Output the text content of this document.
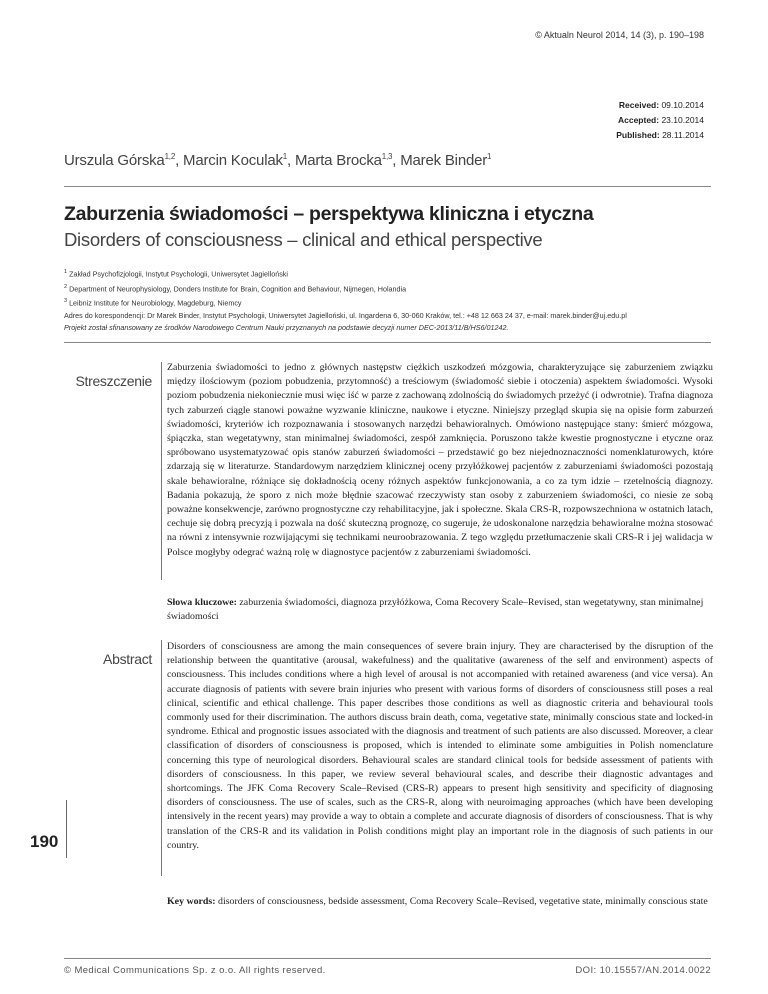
© Aktualn Neurol 2014, 14 (3), p. 190–198
Received: 09.10.2014
Accepted: 23.10.2014
Published: 28.11.2014
Urszula Górska$^{1,2}$, Marcin Koculak$^1$, Marta Brocka$^{1,3}$, Marek Binder$^1$
Zaburzenia świadomości – perspektywa kliniczna i etyczna
Disorders of consciousness – clinical and ethical perspective
$^1$ Zakład Psychofizjologii, Instytut Psychologii, Uniwersytet Jagielloński
$^2$ Department of Neurophysiology, Donders Institute for Brain, Cognition and Behaviour, Nijmegen, Holandia
$^3$ Leibniz Institute for Neurobiology, Magdeburg, Niemcy
Adres do korespondencji: Dr Marek Binder, Instytut Psychologii, Uniwersytet Jagielloński, ul. Ingardena 6, 30-060 Kraków, tel.: +48 12 663 24 37, e-mail: marek.binder@uj.edu.pl
Projekt został sfinansowany ze środków Narodowego Centrum Nauki przyznanych na podstawie decyzji numer DEC-2013/11/B/HS6/01242.
Streszczenie
Zaburzenia świadomości to jedno z głównych następstw ciężkich uszkodzeń mózgowia, charakteryzujące się zaburzeniem związku między ilościowym (poziom pobudzenia, przytomność) a treściowym (świadomość siebie i otoczenia) aspektem świadomości. Wysoki poziom pobudzenia niekoniecznie musi więc iść w parze z zachowaną zdolnością do świadomych przeżyć (i odwrotnie). Trafna diagnoza tych zaburzeń ciągle stanowi poważne wyzwanie kliniczne, naukowe i etyczne. Niniejszy przegląd skupia się na opisie form zaburzeń świadomości, kryteriów ich rozpoznawania i stosowanych narzędzi behawioralnych. Omówiono następujące stany: śmierć mózgowa, śpiączka, stan wegetatywny, stan minimalnej świadomości, zespół zamknięcia. Poruszono także kwestie prognostyczne i etyczne oraz spróbowano usystematyzować opis stanów zaburzeń świadomości – przedstawić go bez niejednoznaczności nomenklaturowych, które zdarzają się w literaturze. Standardowym narzędziem klinicznej oceny przyłóżkowej pacjentów z zaburzeniami świadomości pozostają skale behawioralne, różniące się dokładnością oceny różnych aspektów funkcjonowania, a co za tym idzie – rzetelnością diagnozy. Badania pokazują, że sporo z nich może błędnie szacować rzeczywisty stan osoby z zaburzeniem świadomości, co niesie ze sobą poważne konsekwencje, zarówno prognostyczne czy rehabilitacyjne, jak i społeczne. Skala CRS-R, rozpowszechniona w ostatnich latach, cechuje się dobrą precyzją i pozwala na dość skuteczną prognozę, co sugeruje, że udoskonalone narzędzia behawioralne można stosować na równi z intensywnie rozwijającymi się technikami neuroobrazowania. Z tego względu przetłumaczenie skali CRS-R i jej walidacja w Polsce mogłyby odegrać ważną rolę w diagnostyce pacjentów z zaburzeniami świadomości.
Słowa kluczowe: zaburzenia świadomości, diagnoza przyłóżkowa, Coma Recovery Scale–Revised, stan wegetatywny, stan minimalnej świadomości
Abstract
Disorders of consciousness are among the main consequences of severe brain injury. They are characterised by the disruption of the relationship between the quantitative (arousal, wakefulness) and the qualitative (awareness of the self and environment) aspects of consciousness. This includes conditions where a high level of arousal is not accompanied with retained awareness (and vice versa). An accurate diagnosis of patients with severe brain injuries who present with various forms of disorders of consciousness still poses a real clinical, scientific and ethical challenge. This paper describes those conditions as well as diagnostic criteria and behavioural tools commonly used for their discrimination. The authors discuss brain death, coma, vegetative state, minimally conscious state and locked-in syndrome. Ethical and prognostic issues associated with the diagnosis and treatment of such patients are also discussed. Moreover, a clear classification of disorders of consciousness is proposed, which is intended to eliminate some ambiguities in Polish nomenclature concerning this type of neurological disorders. Behavioural scales are standard clinical tools for bedside assessment of patients with disorders of consciousness. In this paper, we review several behavioural scales, and describe their diagnostic advantages and shortcomings. The JFK Coma Recovery Scale–Revised (CRS-R) appears to present high sensitivity and specificity of diagnosing disorders of consciousness. The use of scales, such as the CRS-R, along with neuroimaging approaches (which have been developing intensively in the recent years) may provide a way to obtain a complete and accurate diagnosis of disorders of consciousness. That is why translation of the CRS-R and its validation in Polish conditions might play an important role in the diagnosis of such patients in our country.
Key words: disorders of consciousness, bedside assessment, Coma Recovery Scale–Revised, vegetative state, minimally conscious state
190
© Medical Communications Sp. z o.o. All rights reserved.	DOI: 10.15557/AN.2014.0022
